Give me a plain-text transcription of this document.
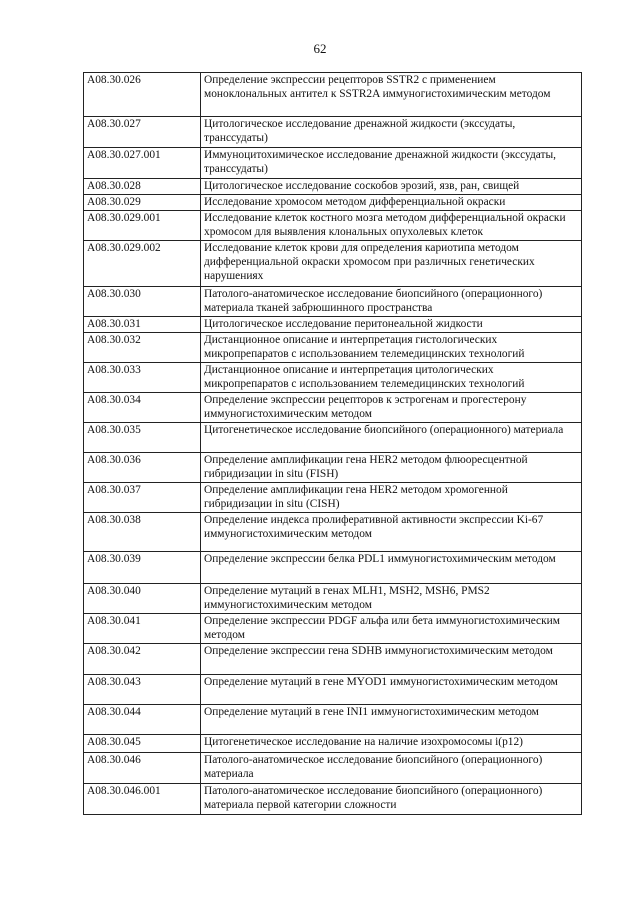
62
A08.30.026	Определение экспрессии рецепторов SSTR2 с применением моноклональных антител к SSTR2A иммуногистохимическим методом
A08.30.027	Цитологическое исследование дренажной жидкости (экссудаты, транссудаты)
A08.30.027.001	Иммуноцитохимическое исследование дренажной жидкости (экссудаты, транссудаты)
A08.30.028	Цитологическое исследование соскобов эрозий, язв, ран, свищей
A08.30.029	Исследование хромосом методом дифференциальной окраски
A08.30.029.001	Исследование клеток костного мозга методом дифференциальной окраски хромосом для выявления клональных опухолевых клеток
A08.30.029.002	Исследование клеток крови для определения кариотипа методом дифференциальной окраски хромосом при различных генетических нарушениях
A08.30.030	Патолого-анатомическое исследование биопсийного (операционного) материала тканей забрюшинного пространства
A08.30.031	Цитологическое исследование перитонеальной жидкости
A08.30.032	Дистанционное описание и интерпретация гистологических микропрепаратов с использованием телемедицинских технологий
A08.30.033	Дистанционное описание и интерпретация цитологических микропрепаратов с использованием телемедицинских технологий
A08.30.034	Определение экспрессии рецепторов к эстрогенам и прогестерону иммуногистохимическим методом
A08.30.035	Цитогенетическое исследование биопсийного (операционного) материала
A08.30.036	Определение амплификации гена HER2 методом флюоресцентной гибридизации in situ (FISH)
A08.30.037	Определение амплификации гена HER2 методом хромогенной гибридизации in situ (CISH)
A08.30.038	Определение индекса пролиферативной активности экспрессии Ki-67 иммуногистохимическим методом
A08.30.039	Определение экспрессии белка PDL1 иммуногистохимическим методом
A08.30.040	Определение мутаций в генах MLH1, MSH2, MSH6, PMS2 иммуногистохимическим методом
A08.30.041	Определение экспрессии PDGF альфа или бета иммуногистохимическим методом
A08.30.042	Определение экспрессии гена SDHB иммуногистохимическим методом
A08.30.043	Определение мутаций в гене MYOD1 иммуногистохимическим методом
A08.30.044	Определение мутаций в гене INI1 иммуногистохимическим методом
A08.30.045	Цитогенетическое исследование на наличие изохромосомы i(p12)
A08.30.046	Патолого-анатомическое исследование биопсийного (операционного) материала
A08.30.046.001	Патолого-анатомическое исследование биопсийного (операционного) материала первой категории сложности
